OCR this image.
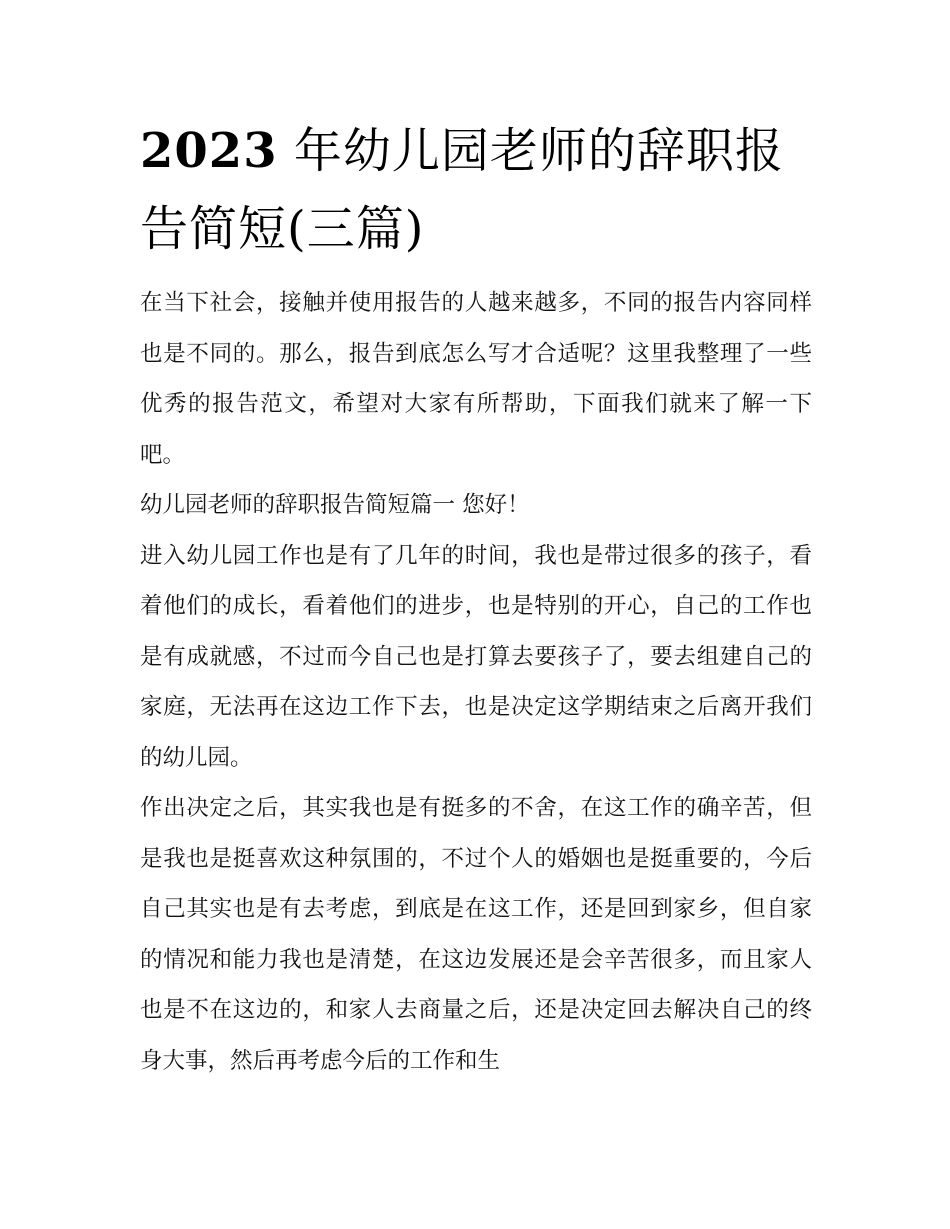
2023 年幼儿园老师的辞职报告简短(三篇)

在当下社会，接触并使用报告的人越来越多，不同的报告内容同样也是不同的。那么，报告到底怎么写才合适呢？这里我整理了一些优秀的报告范文，希望对大家有所帮助，下面我们就来了解一下吧。

幼儿园老师的辞职报告简短篇一 您好！

进入幼儿园工作也是有了几年的时间，我也是带过很多的孩子，看着他们的成长，看着他们的进步，也是特别的开心，自己的工作也是有成就感，不过而今自己也是打算去要孩子了，要去组建自己的家庭，无法再在这边工作下去，也是决定这学期结束之后离开我们的幼儿园。

作出决定之后，其实我也是有挺多的不舍，在这工作的确辛苦，但是我也是挺喜欢这种氛围的，不过个人的婚姻也是挺重要的，今后自己其实也是有去考虑，到底是在这工作，还是回到家乡，但自家的情况和能力我也是清楚，在这边发展还是会辛苦很多，而且家人也是不在这边的，和家人去商量之后，还是决定回去解决自己的终身大事，然后再考虑今后的工作和生
